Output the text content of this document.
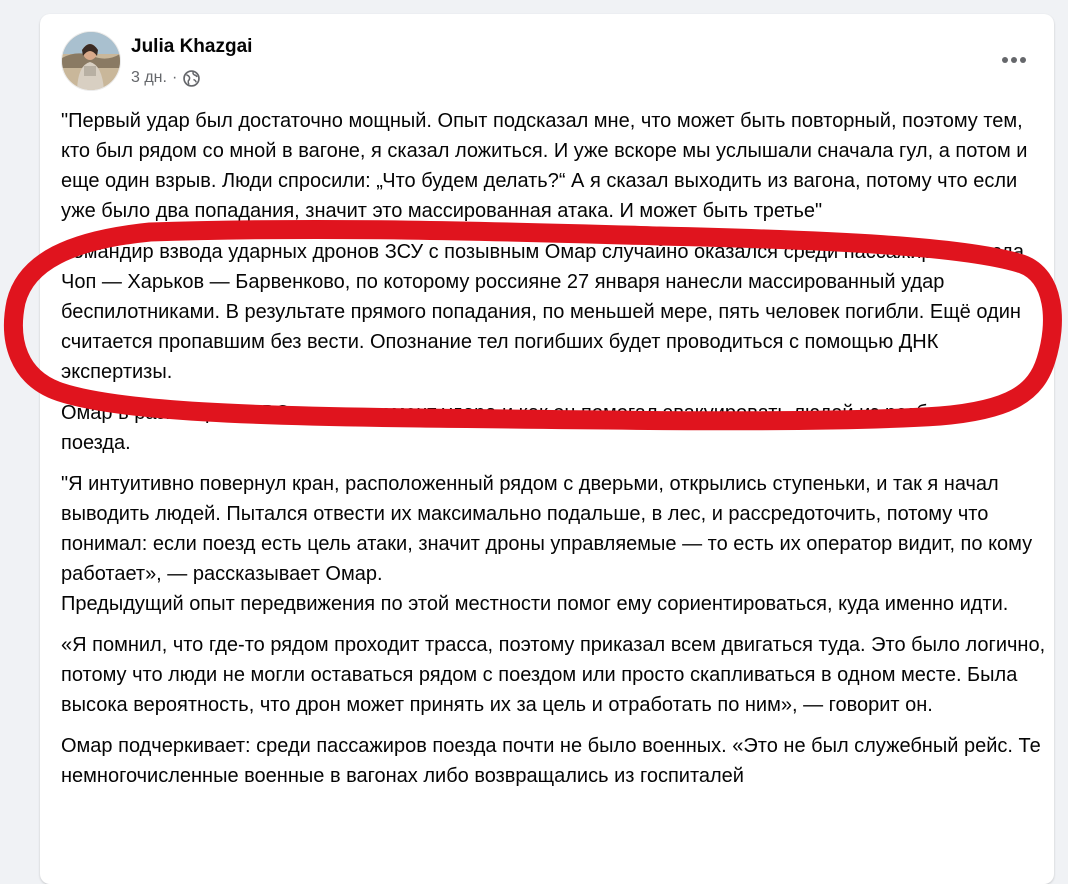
Julia Khazgai
3 дн. ·

"Первый удар был достаточно мощный. Опыт подсказал мне, что может быть повторный, поэтому тем, кто был рядом со мной в вагоне, я сказал ложиться. И уже вскоре мы услышали сначала гул, а потом и еще один взрыв. Люди спросили: „Что будем делать?“ А я сказал выходить из вагона, потому что если уже было два попадания, значит это массированная атака. И может быть третье"

Командир взвода ударных дронов ЗСУ с позывным Омар случайно оказался среди пассажиров поезда Чоп — Харьков — Барвенково, по которому россияне 27 января нанесли массированный удар беспилотниками. В результате прямого попадания, по меньшей мере, пять человек погибли. Ещё один считается пропавшим без вести. Опознание тел погибших будет проводиться с помощью ДНК экспертизы.

Омар в разговоре с BBC описал момент удара и как он помогал эвакуировать людей из разбитого поезда.

"Я интуитивно повернул кран, расположенный рядом с дверьми, открылись ступеньки, и так я начал выводить людей. Пытался отвести их максимально подальше, в лес, и рассредоточить, потому что понимал: если поезд есть цель атаки, значит дроны управляемые — то есть их оператор видит, по кому работает», — рассказывает Омар.
Предыдущий опыт передвижения по этой местности помог ему сориентироваться, куда именно идти.

«Я помнил, что где-то рядом проходит трасса, поэтому приказал всем двигаться туда. Это было логично, потому что люди не могли оставаться рядом с поездом или просто скапливаться в одном месте. Была высока вероятность, что дрон может принять их за цель и отработать по ним», — говорит он.

Омар подчеркивает: среди пассажиров поезда почти не было военных. «Это не был служебный рейс. Те немногочисленные военные в вагонах либо возвращались из госпиталей
